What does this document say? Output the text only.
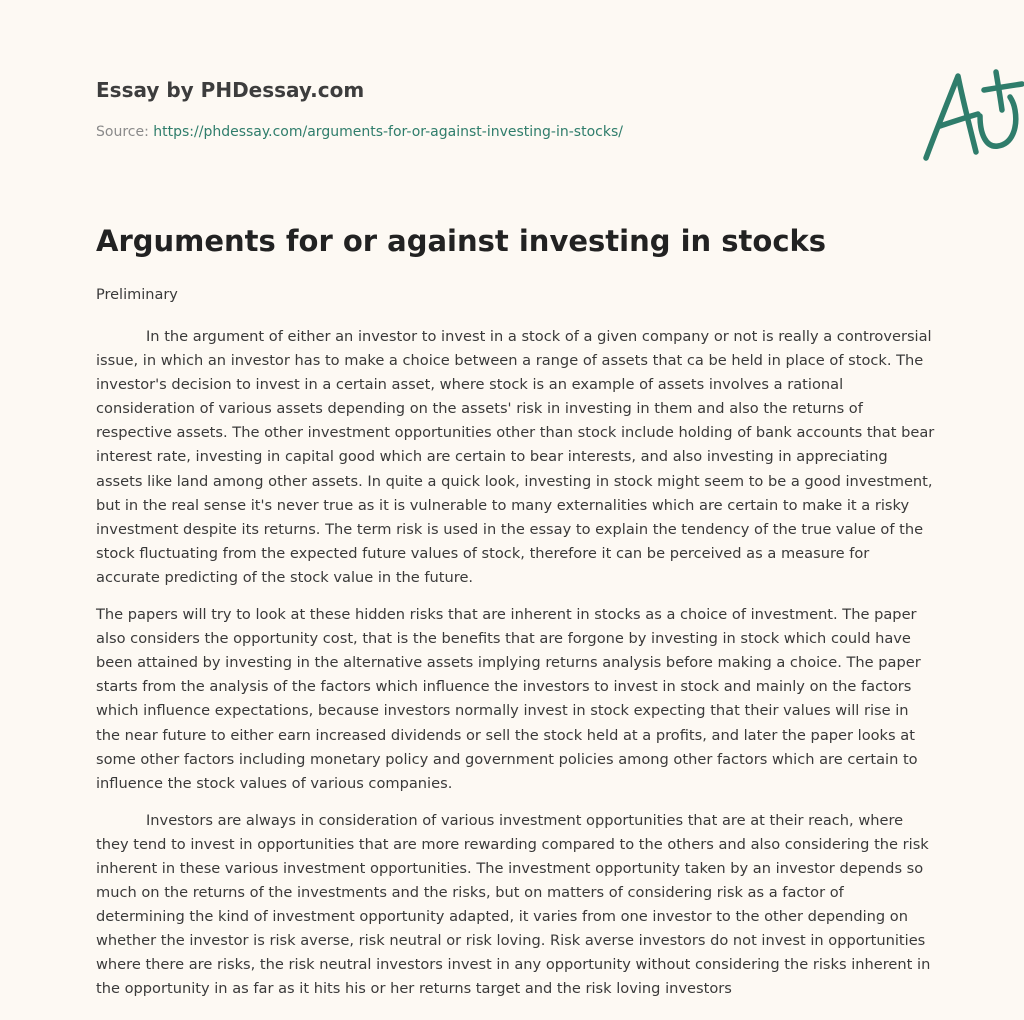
Essay by PHDessay.com
Source: https://phdessay.com/arguments-for-or-against-investing-in-stocks/
Arguments for or against investing in stocks
Preliminary

In the argument of either an investor to invest in a stock of a given company or not is really a controversial issue, in which an investor has to make a choice between a range of assets that ca be held in place of stock. The investor's decision to invest in a certain asset, where stock is an example of assets involves a rational consideration of various assets depending on the assets' risk in investing in them and also the returns of respective assets. The other investment opportunities other than stock include holding of bank accounts that bear interest rate, investing in capital good which are certain to bear interests, and also investing in appreciating assets like land among other assets. In quite a quick look, investing in stock might seem to be a good investment, but in the real sense it's never true as it is vulnerable to many externalities which are certain to make it a risky investment despite its returns. The term risk is used in the essay to explain the tendency of the true value of the stock fluctuating from the expected future values of stock, therefore it can be perceived as a measure for accurate predicting of the stock value in the future.

The papers will try to look at these hidden risks that are inherent in stocks as a choice of investment. The paper also considers the opportunity cost, that is the benefits that are forgone by investing in stock which could have been attained by investing in the alternative assets implying returns analysis before making a choice. The paper starts from the analysis of the factors which influence the investors to invest in stock and mainly on the factors which influence expectations, because investors normally invest in stock expecting that their values will rise in the near future to either earn increased dividends or sell the stock held at a profits, and later the paper looks at some other factors including monetary policy and government policies among other factors which are certain to influence the stock values of various companies.

Investors are always in consideration of various investment opportunities that are at their reach, where they tend to invest in opportunities that are more rewarding compared to the others and also considering the risk inherent in these various investment opportunities. The investment opportunity taken by an investor depends so much on the returns of the investments and the risks, but on matters of considering risk as a factor of determining the kind of investment opportunity adapted, it varies from one investor to the other depending on whether the investor is risk averse, risk neutral or risk loving. Risk averse investors do not invest in opportunities where there are risks, the risk neutral investors invest in any opportunity without considering the risks inherent in the opportunity in as far as it hits his or her returns target and the risk loving investors
